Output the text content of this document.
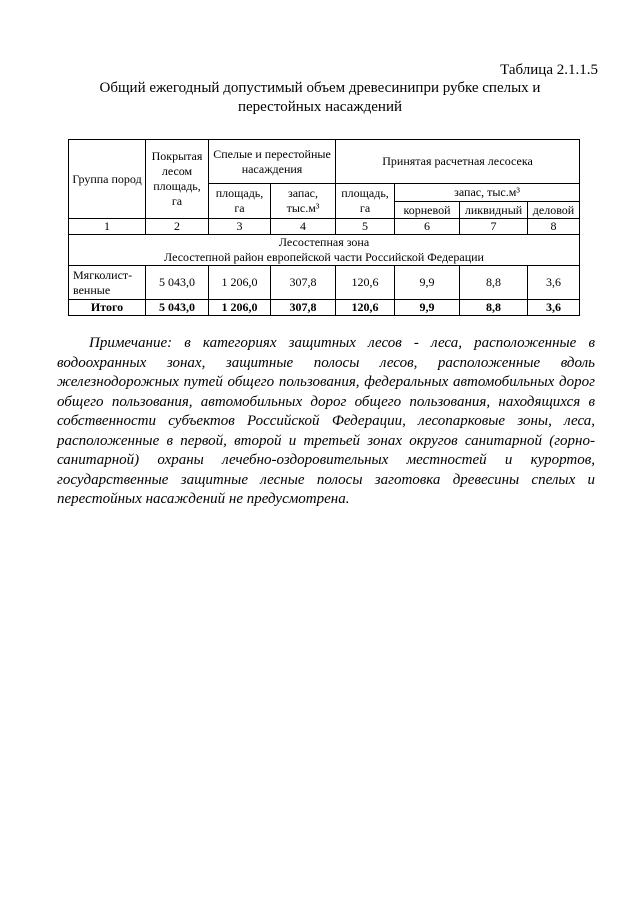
Таблица 2.1.1.5
Общий ежегодный допустимый объем древесинипри рубке спелых и
перестойных насаждений
Группа пород	Покрытая лесом площадь, га	Спелые и перестойные насаждения		Принятая расчетная лесосека			
		площадь, га	запас, тыс.м³	площадь, га	запас, тыс.м³		
					корневой	ликвидный	деловой
1	2	3	4	5	6	7	8

Лесостепная зона
Лесостепной район европейской части Российской Федерации							

Мягколист-венные	5 043,0	1 206,0	307,8	120,6	9,9	8,8	3,6
Итого	5 043,0	1 206,0	307,8	120,6	9,9	8,8	3,6

Примечание: в категориях защитных лесов - леса, расположенные в водоохранных зонах, защитные полосы лесов, расположенные вдоль железнодорожных путей общего пользования, федеральных автомобильных дорог общего пользования, автомобильных дорог общего пользования, находящихся в собственности субъектов Российской Федерации, лесопарковые зоны, леса, расположенные в первой, второй и третьей зонах округов санитарной (горно-санитарной) охраны лечебно-оздоровительных местностей и курортов, государственные защитные лесные полосы заготовка древесины спелых и перестойных насаждений не предусмотрена.
